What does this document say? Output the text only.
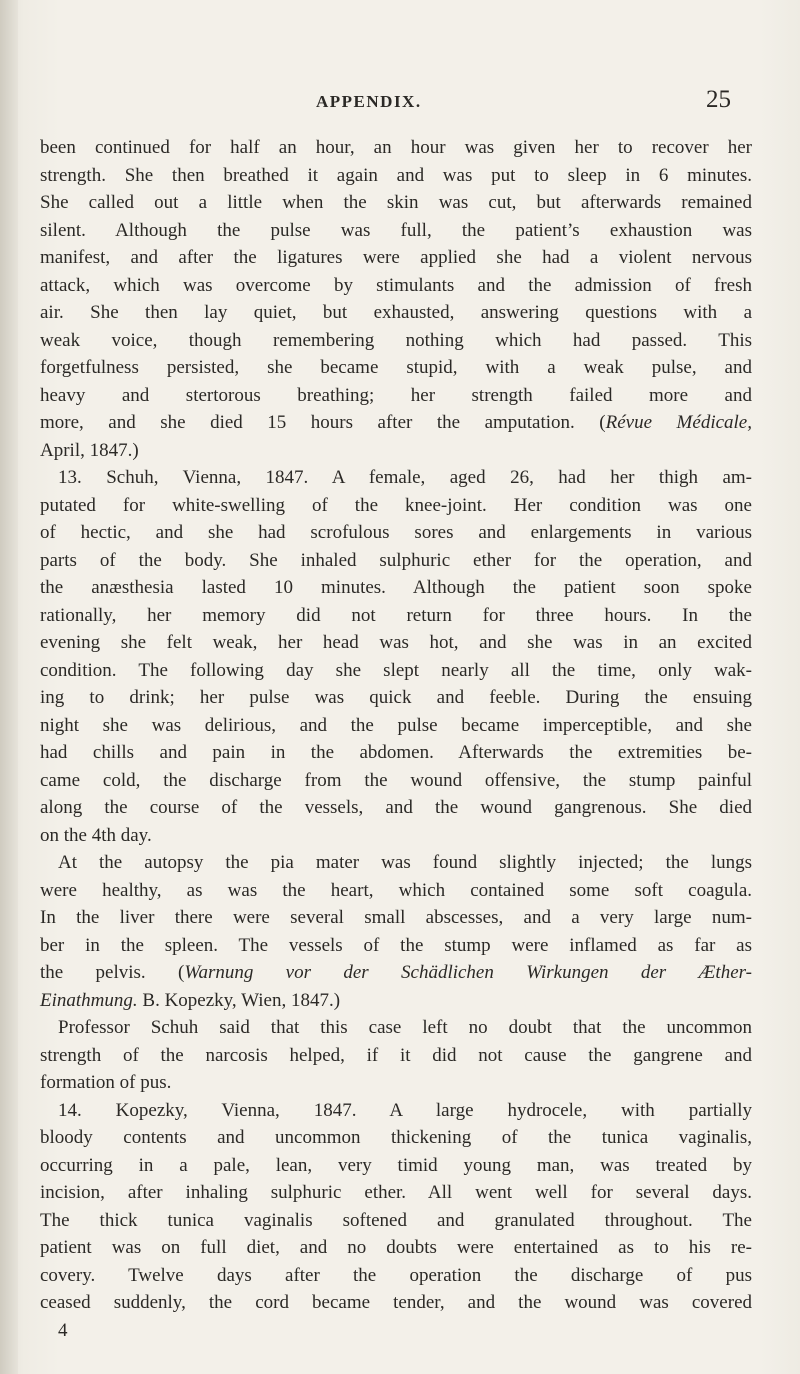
APPENDIX.	25
been continued for half an hour, an hour was given her to recover her
strength. She then breathed it again and was put to sleep in 6 minutes.
She called out a little when the skin was cut, but afterwards remained
silent. Although the pulse was full, the patient’s exhaustion was
manifest, and after the ligatures were applied she had a violent nervous
attack, which was overcome by stimulants and the admission of fresh
air. She then lay quiet, but exhausted, answering questions with a
weak voice, though remembering nothing which had passed. This
forgetfulness persisted, she became stupid, with a weak pulse, and
heavy and stertorous breathing; her strength failed more and
more, and she died 15 hours after the amputation. (Révue Médicale,
April, 1847.)
13. Schuh, Vienna, 1847. A female, aged 26, had her thigh am-
putated for white-swelling of the knee-joint. Her condition was one
of hectic, and she had scrofulous sores and enlargements in various
parts of the body. She inhaled sulphuric ether for the operation, and
the anæsthesia lasted 10 minutes. Although the patient soon spoke
rationally, her memory did not return for three hours. In the
evening she felt weak, her head was hot, and she was in an excited
condition. The following day she slept nearly all the time, only wak-
ing to drink; her pulse was quick and feeble. During the ensuing
night she was delirious, and the pulse became imperceptible, and she
had chills and pain in the abdomen. Afterwards the extremities be-
came cold, the discharge from the wound offensive, the stump painful
along the course of the vessels, and the wound gangrenous. She died
on the 4th day.
At the autopsy the pia mater was found slightly injected; the lungs
were healthy, as was the heart, which contained some soft coagula.
In the liver there were several small abscesses, and a very large num-
ber in the spleen. The vessels of the stump were inflamed as far as
the pelvis. (Warnung vor der Schädlichen Wirkungen der Æther-
Einathmung. B. Kopezky, Wien, 1847.)
Professor Schuh said that this case left no doubt that the uncommon
strength of the narcosis helped, if it did not cause the gangrene and
formation of pus.
14. Kopezky, Vienna, 1847. A large hydrocele, with partially
bloody contents and uncommon thickening of the tunica vaginalis,
occurring in a pale, lean, very timid young man, was treated by
incision, after inhaling sulphuric ether. All went well for several days.
The thick tunica vaginalis softened and granulated throughout. The
patient was on full diet, and no doubts were entertained as to his re-
covery. Twelve days after the operation the discharge of pus
ceased suddenly, the cord became tender, and the wound was covered
4
